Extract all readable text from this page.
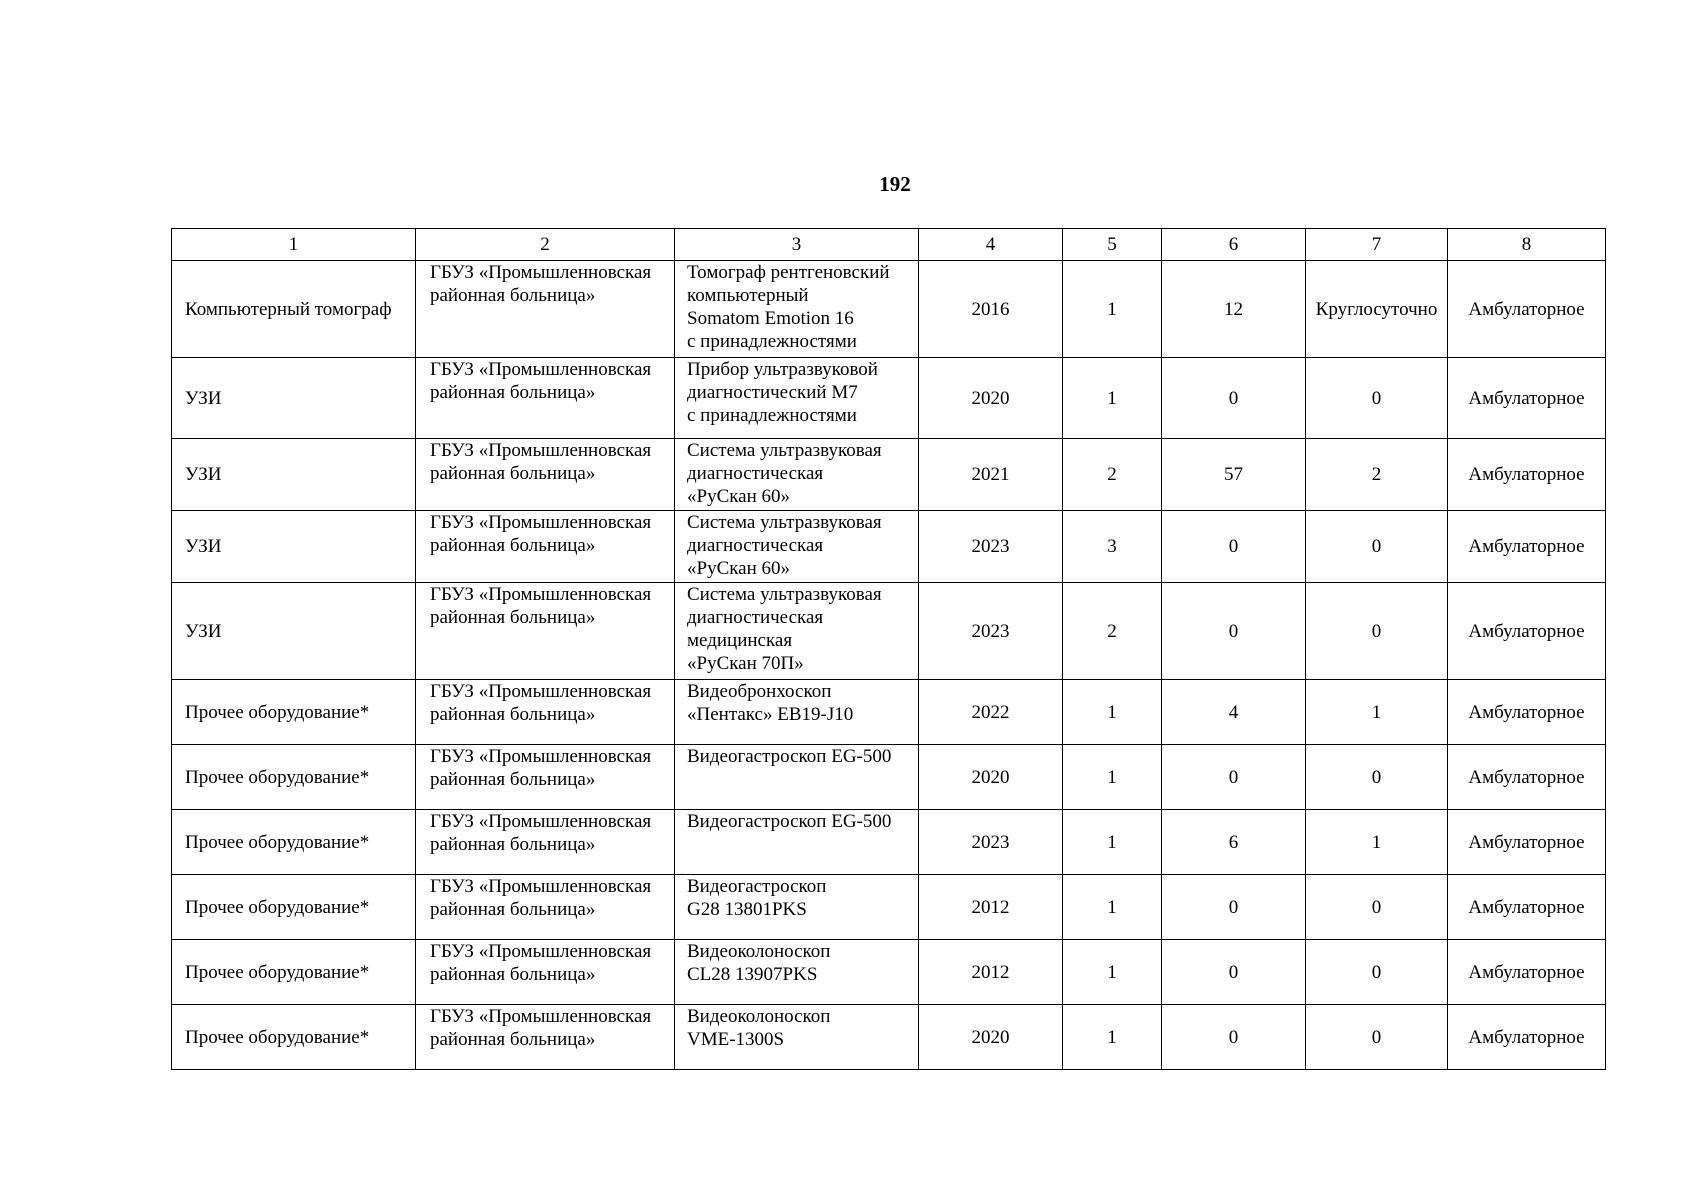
192
1	2	3	4	5	6	7	8
Компьютерный томограф	ГБУЗ «Промышленновская
районная больница»	Томограф рентгеновский
компьютерный
Somatom Emotion 16
с принадлежностями	2016	1	12	Круглосуточно	Амбулаторное
УЗИ	ГБУЗ «Промышленновская
районная больница»	Прибор ультразвуковой
диагностический М7
с принадлежностями	2020	1	0	0	Амбулаторное
УЗИ	ГБУЗ «Промышленновская
районная больница»	Система ультразвуковая
диагностическая
«РуСкан 60»	2021	2	57	2	Амбулаторное
УЗИ	ГБУЗ «Промышленновская
районная больница»	Система ультразвуковая
диагностическая
«РуСкан 60»	2023	3	0	0	Амбулаторное
УЗИ	ГБУЗ «Промышленновская
районная больница»	Система ультразвуковая
диагностическая
медицинская
«РуСкан 70П»	2023	2	0	0	Амбулаторное
Прочее оборудование*	ГБУЗ «Промышленновская
районная больница»	Видеобронхоскоп
«Пентакс» EB19-J10	2022	1	4	1	Амбулаторное
Прочее оборудование*	ГБУЗ «Промышленновская
районная больница»	Видеогастроскоп EG-500	2020	1	0	0	Амбулаторное
Прочее оборудование*	ГБУЗ «Промышленновская
районная больница»	Видеогастроскоп EG-500	2023	1	6	1	Амбулаторное
Прочее оборудование*	ГБУЗ «Промышленновская
районная больница»	Видеогастроскоп
G28 13801PKS	2012	1	0	0	Амбулаторное
Прочее оборудование*	ГБУЗ «Промышленновская
районная больница»	Видеоколоноскоп
CL28 13907PKS	2012	1	0	0	Амбулаторное
Прочее оборудование*	ГБУЗ «Промышленновская
районная больница»	Видеоколоноскоп
VME-1300S	2020	1	0	0	Амбулаторное
